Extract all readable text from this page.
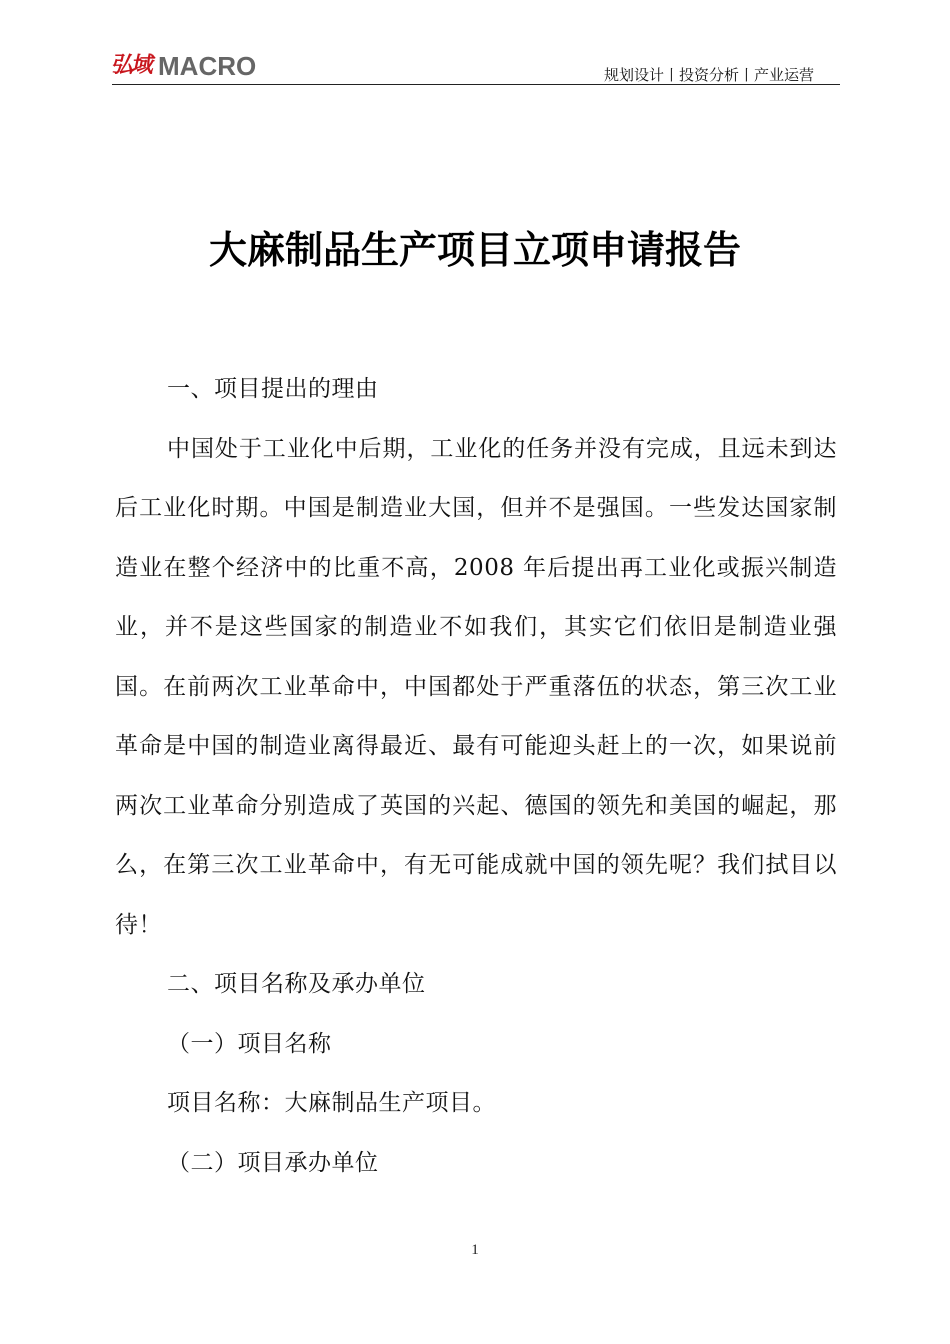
弘域 MACRO	规划设计丨投资分析丨产业运营
大麻制品生产项目立项申请报告

一、项目提出的理由

中国处于工业化中后期，工业化的任务并没有完成，且远未到达后工业化时期。中国是制造业大国，但并不是强国。一些发达国家制造业在整个经济中的比重不高，2008 年后提出再工业化或振兴制造业，并不是这些国家的制造业不如我们，其实它们依旧是制造业强国。在前两次工业革命中，中国都处于严重落伍的状态，第三次工业革命是中国的制造业离得最近、最有可能迎头赶上的一次，如果说前两次工业革命分别造成了英国的兴起、德国的领先和美国的崛起，那么，在第三次工业革命中，有无可能成就中国的领先呢？我们拭目以待！

二、项目名称及承办单位

（一）项目名称

项目名称：大麻制品生产项目。

（二）项目承办单位

1
